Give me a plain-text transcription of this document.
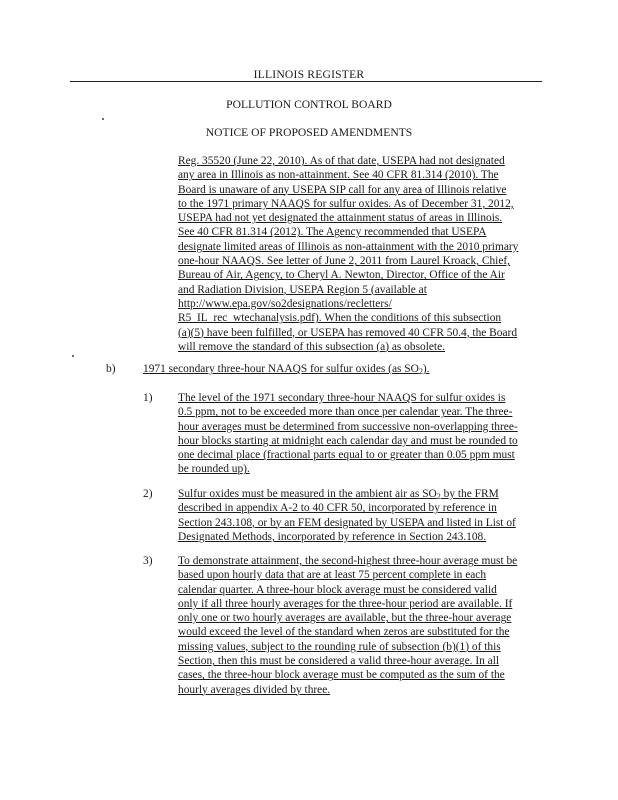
ILLINOIS REGISTER
POLLUTION CONTROL BOARD
NOTICE OF PROPOSED AMENDMENTS
Reg. 35520 (June 22, 2010). As of that date, USEPA had not designated
any area in Illinois as non-attainment. See 40 CFR 81.314 (2010). The
Board is unaware of any USEPA SIP call for any area of Illinois relative
to the 1971 primary NAAQS for sulfur oxides. As of December 31, 2012,
USEPA had not yet designated the attainment status of areas in Illinois.
See 40 CFR 81.314 (2012). The Agency recommended that USEPA
designate limited areas of Illinois as non-attainment with the 2010 primary
one-hour NAAQS. See letter of June 2, 2011 from Laurel Kroack, Chief,
Bureau of Air, Agency, to Cheryl A. Newton, Director, Office of the Air
and Radiation Division, USEPA Region 5 (available at
http://www.epa.gov/so2designations/recletters/
R5_IL_rec_wtechanalysis.pdf). When the conditions of this subsection
(a)(5) have been fulfilled, or USEPA has removed 40 CFR 50.4, the Board
will remove the standard of this subsection (a) as obsolete.
b) 1971 secondary three-hour NAAQS for sulfur oxides (as $SO_2$).
1) The level of the 1971 secondary three-hour NAAQS for sulfur oxides is
0.5 ppm, not to be exceeded more than once per calendar year. The three-
hour averages must be determined from successive non-overlapping three-
hour blocks starting at midnight each calendar day and must be rounded to
one decimal place (fractional parts equal to or greater than 0.05 ppm must
be rounded up).
2) Sulfur oxides must be measured in the ambient air as $SO_2$ by the FRM
described in appendix A-2 to 40 CFR 50, incorporated by reference in
Section 243.108, or by an FEM designated by USEPA and listed in List of
Designated Methods, incorporated by reference in Section 243.108.
3) To demonstrate attainment, the second-highest three-hour average must be
based upon hourly data that are at least 75 percent complete in each
calendar quarter. A three-hour block average must be considered valid
only if all three hourly averages for the three-hour period are available. If
only one or two hourly averages are available, but the three-hour average
would exceed the level of the standard when zeros are substituted for the
missing values, subject to the rounding rule of subsection (b)(1) of this
Section, then this must be considered a valid three-hour average. In all
cases, the three-hour block average must be computed as the sum of the
hourly averages divided by three.
